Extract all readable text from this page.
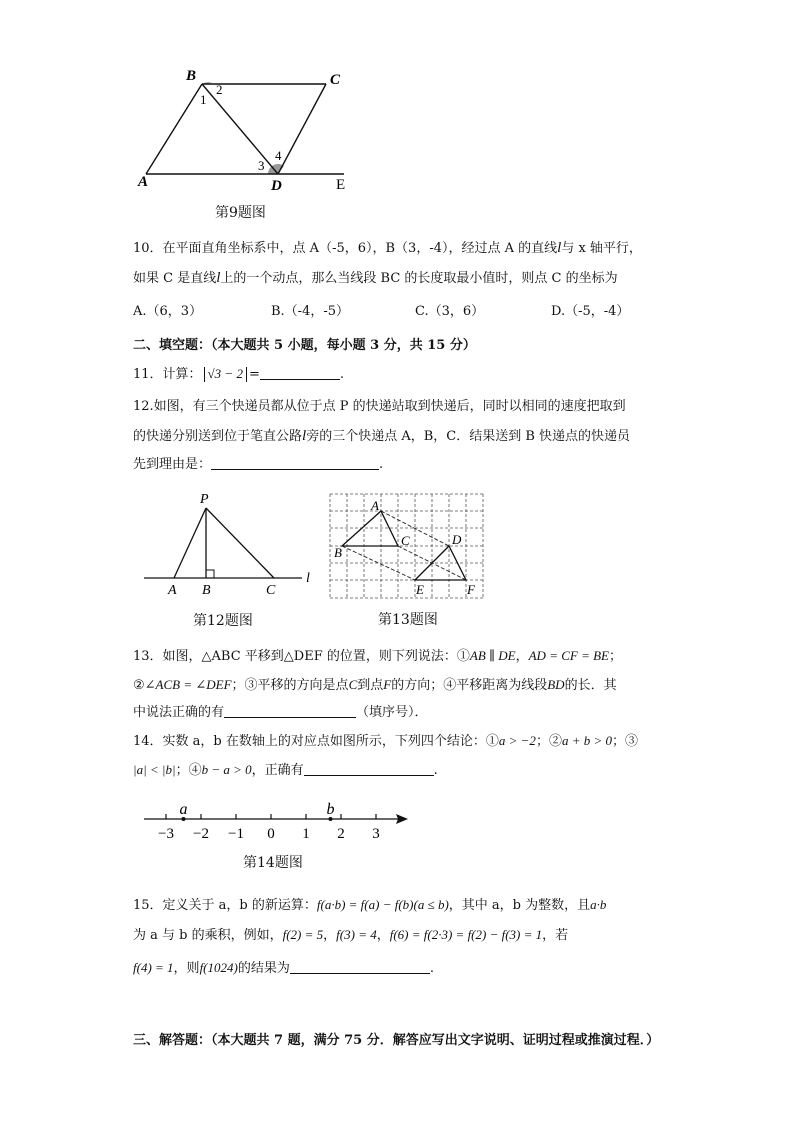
B	C
A	D	E
1
2
3
4
第9题图
10．在平面直角坐标系中，点 A（-5，6），B（3，-4），经过点 A 的直线l与 x 轴平行，
如果 C 是直线l上的一个动点，那么当线段 BC 的长度取最小值时，则点 C 的坐标为
A.（6，3）	B.（-4，-5）	C.（3，6）	D.（-5，-4）
二、填空题：（本大题共 5 小题，每小题 3 分，共 15 分）
11．计算： √3 − 2 =	.
12.如图，有三个快递员都从位于点 P 的快递站取到快递后，同时以相同的速度把取到
的快递分别送到位于笔直公路l旁的三个快递点 A，B，C．结果送到 B 快递点的快递员
先到理由是：	.
P
A B	C
l
第12题图
A
B
C	D
E	F
第13题图
13．如图，△ABC 平移到△DEF 的位置，则下列说法：①AB ∥ DE，AD = CF = BE；
②∠ACB = ∠DEF；③平移的方向是点C到点F的方向；④平移距离为线段BD的长．其
中说法正确的有	（填序号）．
14．实数 a，b 在数轴上的对应点如图所示，下列四个结论：①a > −2；②a + b > 0；③
|a| < |b|；④b − a > 0，正确有	.
−3 −2 −1 0 1 2 3
a	b
第14题图
15．定义关于 a，b 的新运算：f(a·b) = f(a) − f(b)(a ≤ b)，其中 a，b 为整数，且a·b
为 a 与 b 的乘积，例如，f(2) = 5，f(3) = 4，f(6) = f(2·3) = f(2) − f(3) = 1，若
f(4) = 1，则f(1024)的结果为	.
三、解答题：（本大题共 7 题，满分 75 分．解答应写出文字说明、证明过程或推演过程．）
